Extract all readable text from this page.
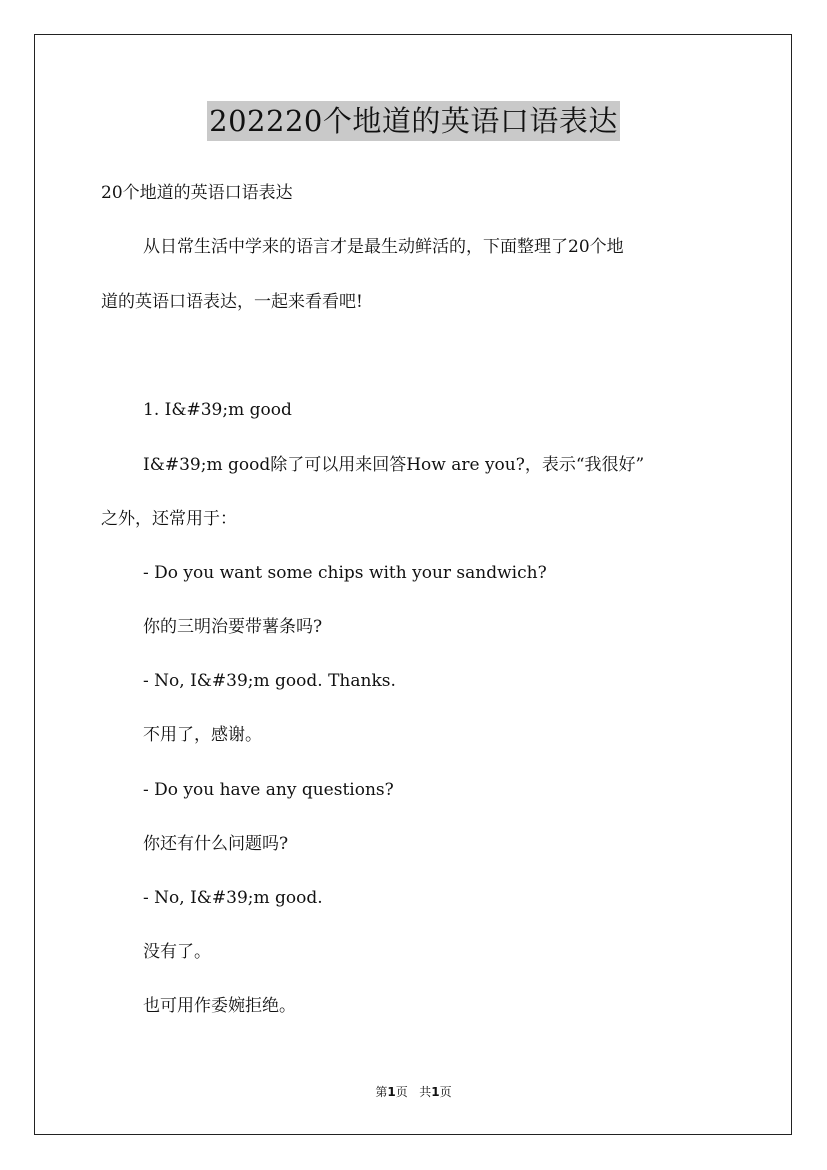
202220个地道的英语口语表达
20个地道的英语口语表达
从日常生活中学来的语言才是最生动鲜活的，下面整理了20个地
道的英语口语表达，一起来看看吧!
1. I&#39;m good
I&#39;m good除了可以用来回答How are you?，表示“我很好”
之外，还常用于：
- Do you want some chips with your sandwich?
你的三明治要带薯条吗?
- No, I&#39;m good. Thanks.
不用了，感谢。
- Do you have any questions?
你还有什么问题吗?
- No, I&#39;m good.
没有了。
也可用作委婉拒绝。
第1页 共1页
